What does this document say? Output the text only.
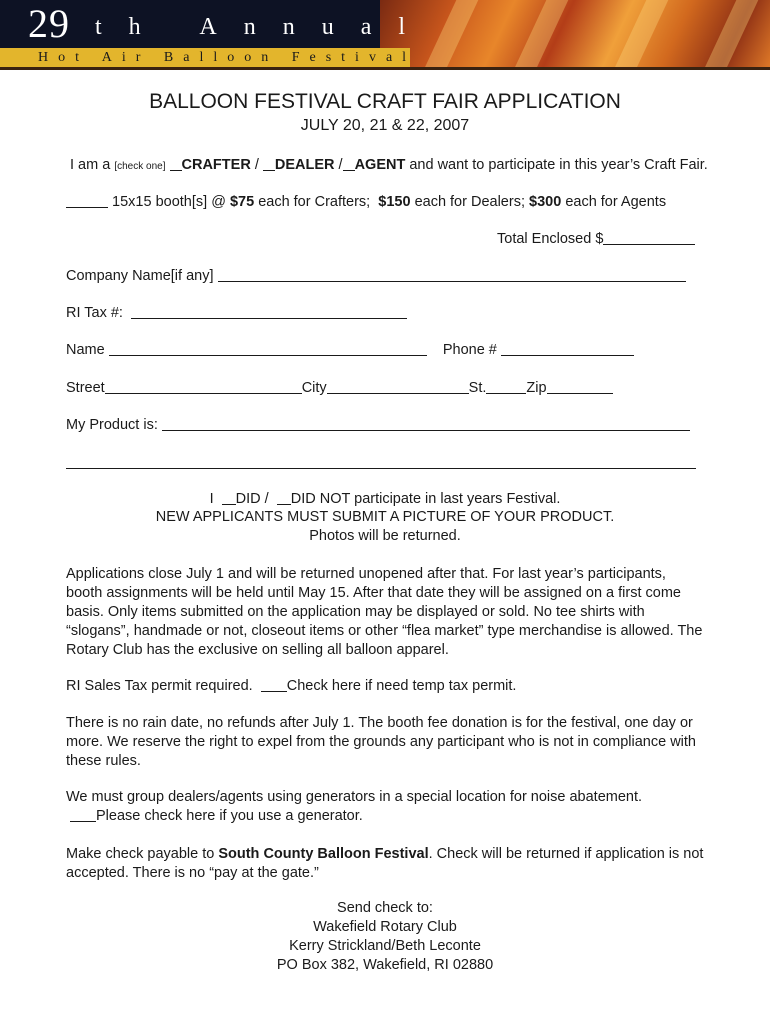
29 th Annual
Hot Air Balloon Festival
BALLOON FESTIVAL CRAFT FAIR APPLICATION
JULY 20, 21 & 22, 2007
I am a [check one] CRAFTER / DEALER / AGENT and want to participate in this year’s Craft Fair.
15x15 booth[s] @ $75 each for Crafters; $150 each for Dealers; $300 each for Agents
Total Enclosed $
Company Name[if any]
RI Tax #:
Name	Phone #
Street	City	St.	Zip
My Product is:
I DID / DID NOT participate in last years Festival.
NEW APPLICANTS MUST SUBMIT A PICTURE OF YOUR PRODUCT.
Photos will be returned.
Applications close July 1 and will be returned unopened after that. For last year’s participants, booth assignments will be held until May 15. After that date they will be assigned on a first come basis. Only items submitted on the application may be displayed or sold. No tee shirts with “slogans”, handmade or not, closeout items or other “flea market” type merchandise is allowed. The Rotary Club has the exclusive on selling all balloon apparel.
RI Sales Tax permit required. Check here if need temp tax permit.
There is no rain date, no refunds after July 1. The booth fee donation is for the festival, one day or more. We reserve the right to expel from the grounds any participant who is not in compliance with these rules.
We must group dealers/agents using generators in a special location for noise abatement.
Please check here if you use a generator.
Make check payable to South County Balloon Festival. Check will be returned if application is not accepted. There is no “pay at the gate.”
Send check to:
Wakefield Rotary Club
Kerry Strickland/Beth Leconte
PO Box 382, Wakefield, RI 02880
